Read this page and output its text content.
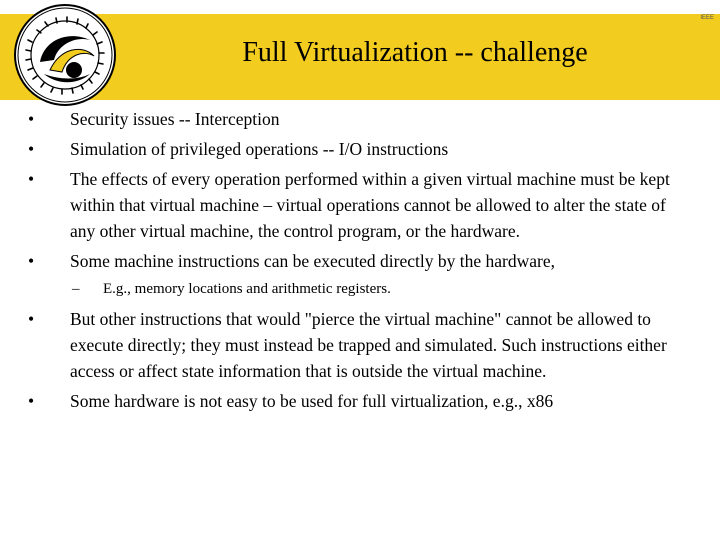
IEEE
Full Virtualization -- challenge
•	Security issues -- Interception
•	Simulation of privileged operations -- I/O instructions
•	The effects of every operation performed within a given virtual machine must be kept within that virtual machine – virtual operations cannot be allowed to alter the state of any other virtual machine, the control program, or the hardware.
•	Some machine instructions can be executed directly by the hardware,
– E.g., memory locations and arithmetic registers.
•	But other instructions that would "pierce the virtual machine" cannot be allowed to execute directly; they must instead be trapped and simulated. Such instructions either access or affect state information that is outside the virtual machine.
•	Some hardware is not easy to be used for full virtualization, e.g., x86
